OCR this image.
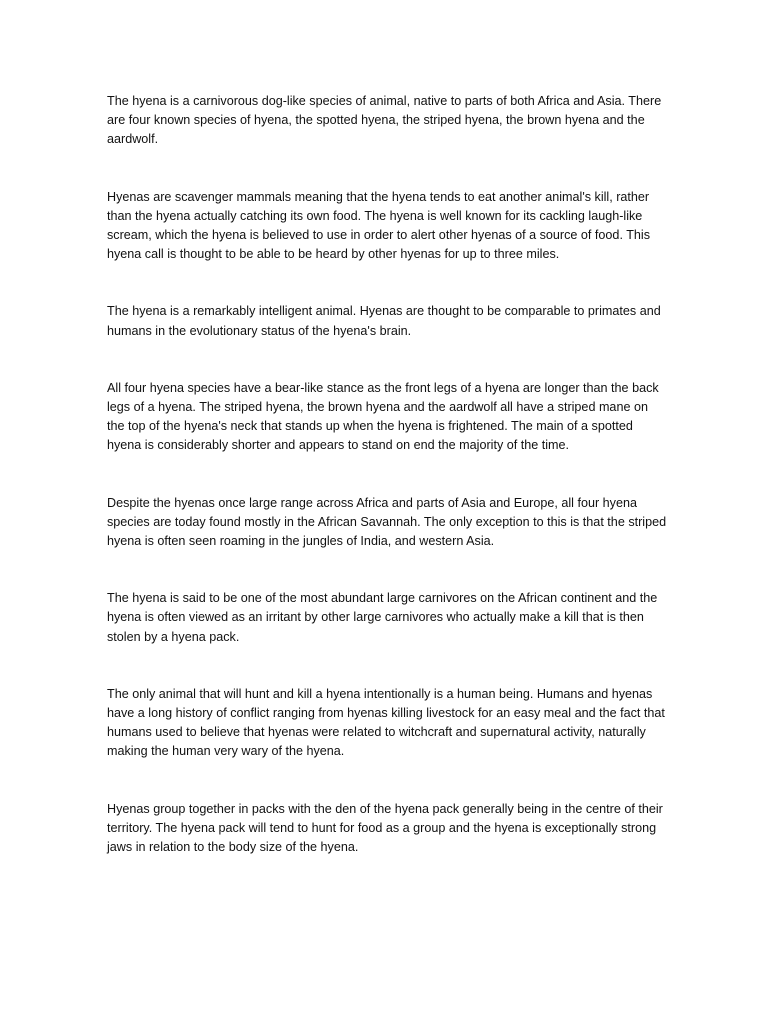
The hyena is a carnivorous dog-like species of animal, native to parts of both Africa and Asia. There are four known species of hyena, the spotted hyena, the striped hyena, the brown hyena and the aardwolf.

Hyenas are scavenger mammals meaning that the hyena tends to eat another animal's kill, rather than the hyena actually catching its own food. The hyena is well known for its cackling laugh-like scream, which the hyena is believed to use in order to alert other hyenas of a source of food. This hyena call is thought to be able to be heard by other hyenas for up to three miles.

The hyena is a remarkably intelligent animal. Hyenas are thought to be comparable to primates and humans in the evolutionary status of the hyena's brain.

All four hyena species have a bear-like stance as the front legs of a hyena are longer than the back legs of a hyena. The striped hyena, the brown hyena and the aardwolf all have a striped mane on the top of the hyena's neck that stands up when the hyena is frightened. The main of a spotted hyena is considerably shorter and appears to stand on end the majority of the time.

Despite the hyenas once large range across Africa and parts of Asia and Europe, all four hyena species are today found mostly in the African Savannah. The only exception to this is that the striped hyena is often seen roaming in the jungles of India, and western Asia.

The hyena is said to be one of the most abundant large carnivores on the African continent and the hyena is often viewed as an irritant by other large carnivores who actually make a kill that is then stolen by a hyena pack.

The only animal that will hunt and kill a hyena intentionally is a human being. Humans and hyenas have a long history of conflict ranging from hyenas killing livestock for an easy meal and the fact that humans used to believe that hyenas were related to witchcraft and supernatural activity, naturally making the human very wary of the hyena.

Hyenas group together in packs with the den of the hyena pack generally being in the centre of their territory. The hyena pack will tend to hunt for food as a group and the hyena is exceptionally strong jaws in relation to the body size of the hyena.
